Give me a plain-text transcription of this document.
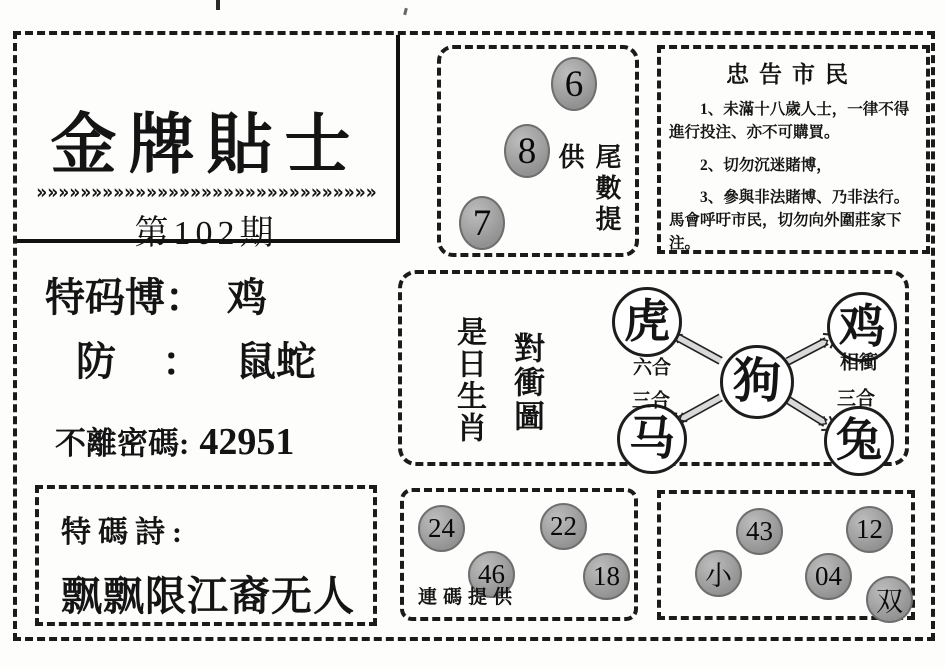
金牌貼士
»»»»»»»»»»»»»»»»»»»»»»»»»»»»»»»
第102期
特码博： 鸡
防 ： 鼠蛇
不離密碼: 42951
特碼詩:
飘飘限江裔无人
6
8
7	尾數提供
忠告市民
1、未滿十八歲人士，一律不得進行投注、亦不可購買。
2、切勿沉迷賭博，
3、參與非法賭博、乃非法行。馬會呼吁市民，切勿向外圍莊家下注。
是日生肖 對衝圖
虎	鸡
狗
马	兔
六合	相衝
三合	三合
24	22
46	18
連碼提供
43	12
小	04
双
